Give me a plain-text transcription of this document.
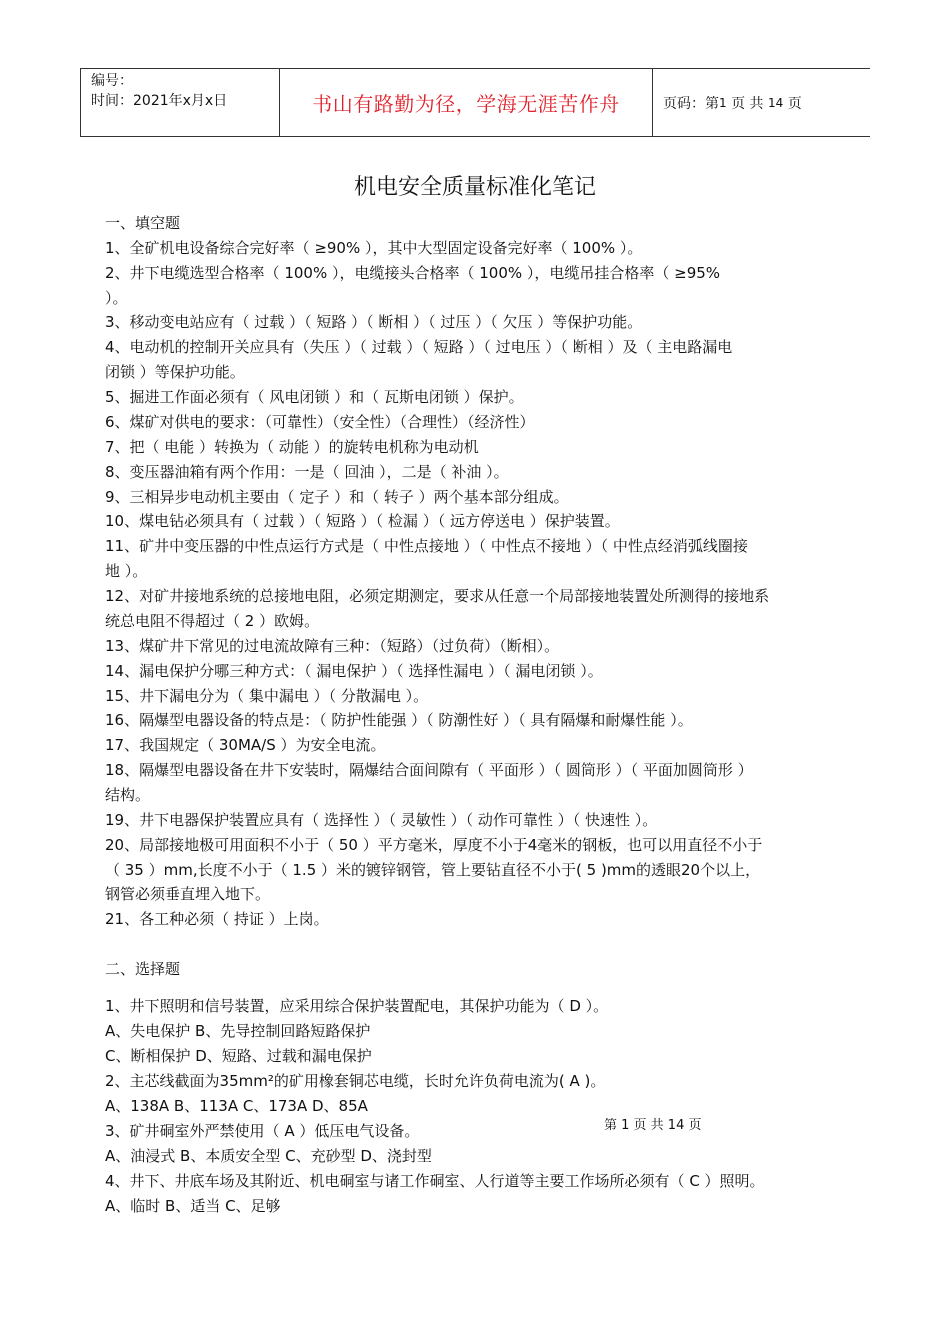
编号：
时间：2021年x月x日	书山有路勤为径，学海无涯苦作舟	页码：第 1
页 共
14
页
机电安全质量标准化笔记
一、填空题
1、全矿机电设备综合完好率（ ≥90% ），其中大型固定设备完好率（ 100% ）。
2、井下电缆选型合格率（ 100% ），电缆接头合格率（ 100% ），电缆吊挂合格率（ ≥95%
）。
3、移动变电站应有（ 过载 ）（ 短路 ）（ 断相 ）（ 过压 ）（ 欠压 ）等保护功能。
4、电动机的控制开关应具有（失压 ）（ 过载 ）（ 短路 ）（ 过电压 ）（ 断相 ）及（ 主电路漏电
闭锁 ）等保护功能。
5、掘进工作面必须有（ 风电闭锁 ）和（ 瓦斯电闭锁 ）保护。
6、煤矿对供电的要求：（可靠性）（安全性）（合理性）（经济性）
7、把（ 电能 ）转换为（ 动能 ）的旋转电机称为电动机
8、变压器油箱有两个作用：一是（ 回油 ），二是（ 补油 ）。
9、三相异步电动机主要由（ 定子 ）和（ 转子 ）两个基本部分组成。
10、煤电钻必须具有（ 过载 ）（ 短路 ）（ 检漏 ）（ 远方停送电 ）保护装置。
11、矿井中变压器的中性点运行方式是（ 中性点接地 ）（ 中性点不接地 ）（ 中性点经消弧线圈接
地 ）。
12、对矿井接地系统的总接地电阻，必须定期测定，要求从任意一个局部接地装置处所测得的接地系
统总电阻不得超过（ 2 ）欧姆。
13、煤矿井下常见的过电流故障有三种：（短路）（过负荷）（断相）。
14、漏电保护分哪三种方式：（ 漏电保护 ）（ 选择性漏电 ）（ 漏电闭锁 ）。
15、井下漏电分为（ 集中漏电 ）（ 分散漏电 ）。
16、隔爆型电器设备的特点是：（ 防护性能强 ）（ 防潮性好 ）（ 具有隔爆和耐爆性能 ）。
17、我国规定（ 30MA/S ）为安全电流。
18、隔爆型电器设备在井下安装时，隔爆结合面间隙有（ 平面形 ）（ 圆筒形 ）（ 平面加圆筒形 ）
结构。
19、井下电器保护装置应具有（ 选择性 ）（ 灵敏性 ）（ 动作可靠性 ）（ 快速性 ）。
20、局部接地极可用面积不小于（ 50 ）平方毫米，厚度不小于4毫米的钢板，也可以用直径不小于
（ 35 ）mm,长度不小于（ 1.5 ）米的镀锌钢管，管上要钻直径不小于( 5 )mm的透眼20个以上，
钢管必须垂直埋入地下。
21、各工种必须（ 持证 ）上岗。
二、选择题
1、井下照明和信号装置，应采用综合保护装置配电，其保护功能为（ D ）。
A、失电保护 B、先导控制回路短路保护
C、断相保护 D、短路、过载和漏电保护
2、主芯线截面为35mm²的矿用橡套铜芯电缆，长时允许负荷电流为( A )。
A、138A B、113A C、173A D、85A
3、矿井硐室外严禁使用（ A ）低压电气设备。
A、油浸式 B、本质安全型 C、充砂型 D、浇封型
4、井下、井底车场及其附近、机电硐室与诸工作硐室、人行道等主要工作场所必须有（ C ）照明。
A、临时 B、适当 C、足够
第 1 页 共 14 页
